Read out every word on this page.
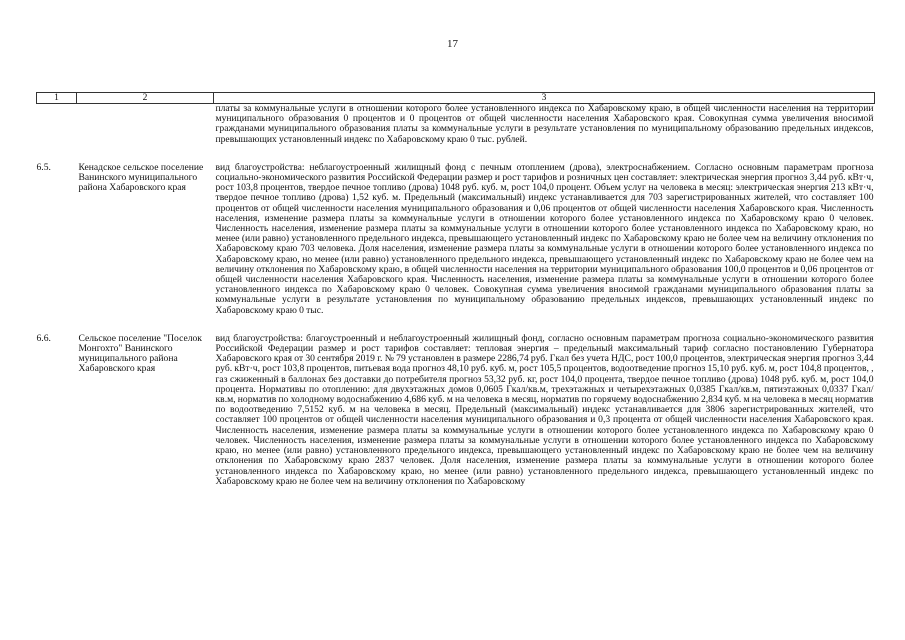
17
1	2	3
		платы за коммунальные услуги в отношении которого более установленного индекса по Хабаровскому краю, в общей численности населения на территории муниципального образования 0 процентов и 0 процентов от общей численности населения Хабаровского края. Совокупная сумма увеличения вносимой гражданами муниципального образования платы за коммунальные услуги в результате установления по муниципальному образованию предельных индексов, превышающих установленный индекс по Хабаровскому краю 0 тыс. рублей.

6.5.	Кенадское сельское поселение Ванинского муниципального района Хабаровского края	вид благоустройства: неблагоустроенный жилищный фонд с печным отоплением (дрова), электроснабжением. Согласно основным параметрам прогноза социально-экономического развития Российской Федерации размер и рост тарифов и розничных цен составляет: электрическая энергия прогноз 3,44 руб. кВт·ч, рост 103,8 процентов, твердое печное топливо (дрова) 1048 руб. куб. м, рост 104,0 процент. Объем услуг на человека в месяц: электрическая энергия 213 кВт·ч, твердое печное топливо (дрова) 1,52 куб. м. Предельный (максимальный) индекс устанавливается для 703 зарегистрированных жителей, что составляет 100 процентов от общей численности населения муниципального образования и 0,06 процентов от общей численности населения Хабаровского края. Численность населения, изменение размера платы за коммунальные услуги в отношении которого более установленного индекса по Хабаровскому краю 0 человек. Численность населения, изменение размера платы за коммунальные услуги в отношении которого более установленного индекса по Хабаровскому краю, но менее (или равно) установленного предельного индекса, превышающего установленный индекс по Хабаровскому краю не более чем на величину отклонения по Хабаровскому краю 703 человека. Доля населения, изменение размера платы за коммунальные услуги в отношении которого более установленного индекса по Хабаровскому краю, но менее (или равно) установленного предельного индекса, превышающего установленный индекс по Хабаровскому краю не более чем на величину отклонения по Хабаровскому краю, в общей численности населения на территории муниципального образования 100,0 процентов и 0,06 процентов от общей численности населения Хабаровского края. Численность населения, изменение размера платы за коммунальные услуги в отношении которого более установленного индекса по Хабаровскому краю 0 человек. Совокупная сумма увеличения вносимой гражданами муниципального образования платы за коммунальные услуги в результате установления по муниципальному образованию предельных индексов, превышающих установленный индекс по Хабаровскому краю 0 тыс.

6.6.	Сельское поселение "Поселок Монгохто" Ванинского муниципального района Хабаровского края	вид благоустройства: благоустроенный и неблагоустроенный жилищный фонд, согласно основным параметрам прогноза социально-экономического развития Российской Федерации размер и рост тарифов составляет: тепловая энергия – предельный максимальный тариф согласно постановлению Губернатора Хабаровского края от 30 сентября 2019 г. № 79 установлен в размере 2286,74 руб. Гкал без учета НДС, рост 100,0 процентов, электрическая энергия прогноз 3,44 руб. кВт·ч, рост 103,8 процентов, питьевая вода прогноз 48,10 руб. куб. м, рост 105,5 процентов, водоотведение прогноз 15,10 руб. куб. м, рост 104,8 процентов, , газ сжиженный в баллонах без доставки до потребителя прогноз 53,32 руб. кг, рост 104,0 процента, твердое печное топливо (дрова) 1048 руб. куб. м, рост 104,0 процента. Нормативы по отоплению: для двухэтажных домов 0,0605 Гкал/кв.м, трехэтажных и четырехэтажных 0,0385 Гкал/кв.м, пятиэтажных 0,0337 Гкал/кв.м, норматив по холодному водоснабжению 4,686 куб. м на человека в месяц, норматив по горячему водоснабжению 2,834 куб. м на человека в месяц норматив по водоотведению 7,5152 куб. м на человека в месяц. Предельный (максимальный) индекс устанавливается для 3806 зарегистрированных жителей, что составляет 100 процентов от общей численности населения муниципального образования и 0,3 процента от общей численности населения Хабаровского края. Численность населения, изменение размера платы за коммунальные услуги в отношении которого более установленного индекса по Хабаровскому краю 0 человек. Численность населения, изменение размера платы за коммунальные услуги в отношении которого более установленного индекса по Хабаровскому краю, но менее (или равно) установленного предельного индекса, превышающего установленный индекс по Хабаровскому краю не более чем на величину отклонения по Хабаровскому краю 2837 человек. Доля населения, изменение размера платы за коммунальные услуги в отношении которого более установленного индекса по Хабаровскому краю, но менее (или равно) установленного предельного индекса, превышающего установленный индекс по Хабаровскому краю не более чем на величину отклонения по Хабаровскому
